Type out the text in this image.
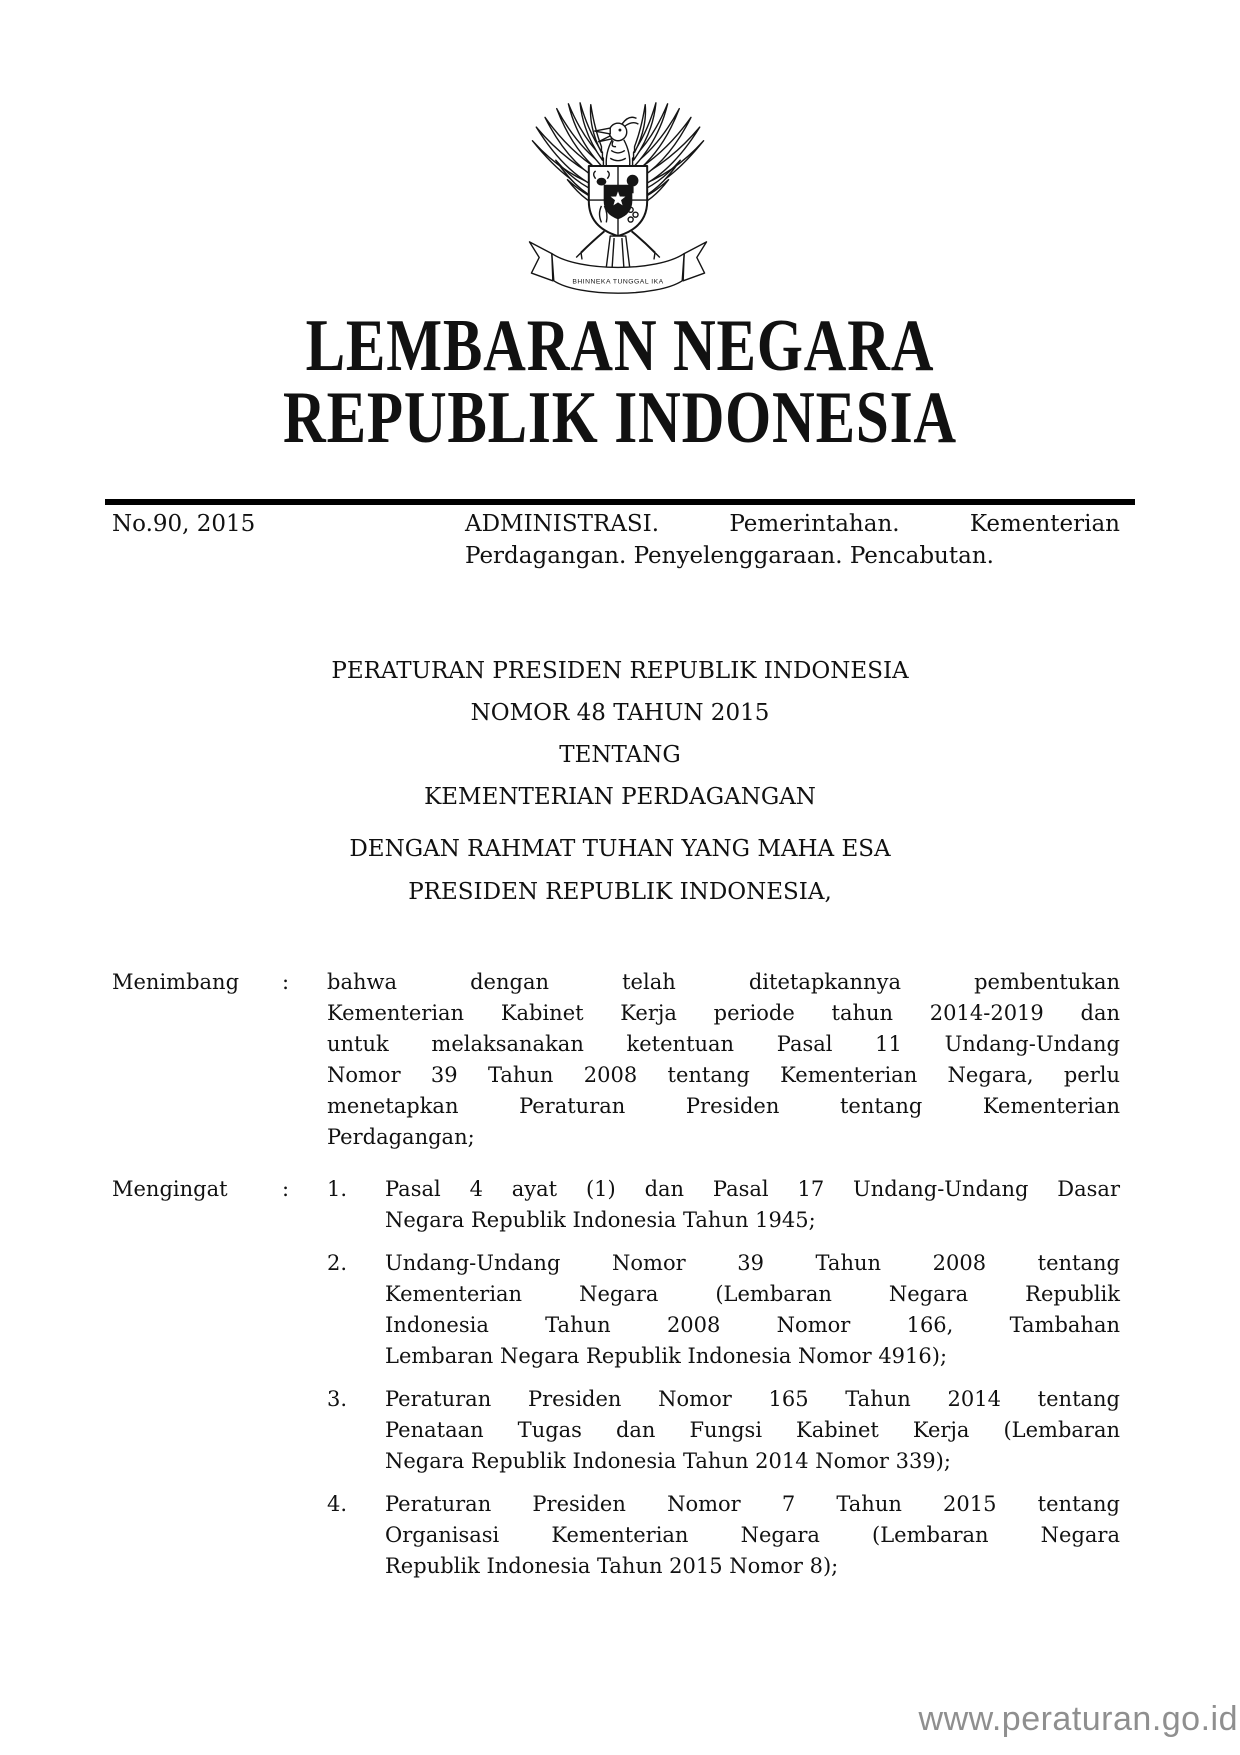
BHINNEKA TUNGGAL IKA
LEMBARAN NEGARA
REPUBLIK INDONESIA
No.90, 2015	ADMINISTRASI. Pemerintahan. Kementerian
Perdagangan. Penyelenggaraan. Pencabutan.
PERATURAN PRESIDEN REPUBLIK INDONESIA
NOMOR 48 TAHUN 2015
TENTANG
KEMENTERIAN PERDAGANGAN
DENGAN RAHMAT TUHAN YANG MAHA ESA
PRESIDEN REPUBLIK INDONESIA,
Menimbang : bahwa dengan telah ditetapkannya pembentukan
Kementerian Kabinet Kerja periode tahun 2014-2019 dan
untuk melaksanakan ketentuan Pasal 11 Undang-Undang
Nomor 39 Tahun 2008 tentang Kementerian Negara, perlu
menetapkan Peraturan Presiden tentang Kementerian
Perdagangan;
Mengingat	: 1.	Pasal 4 ayat (1) dan Pasal 17 Undang-Undang Dasar
Negara Republik Indonesia Tahun 1945;
2.	Undang-Undang Nomor 39 Tahun 2008 tentang
Kementerian Negara (Lembaran Negara Republik
Indonesia Tahun 2008 Nomor 166, Tambahan
Lembaran Negara Republik Indonesia Nomor 4916);
3.	Peraturan Presiden Nomor 165 Tahun 2014 tentang
Penataan Tugas dan Fungsi Kabinet Kerja (Lembaran
Negara Republik Indonesia Tahun 2014 Nomor 339);
4.	Peraturan Presiden Nomor 7 Tahun 2015 tentang
Organisasi Kementerian Negara (Lembaran Negara
Republik Indonesia Tahun 2015 Nomor 8);
www.peraturan.go.id
